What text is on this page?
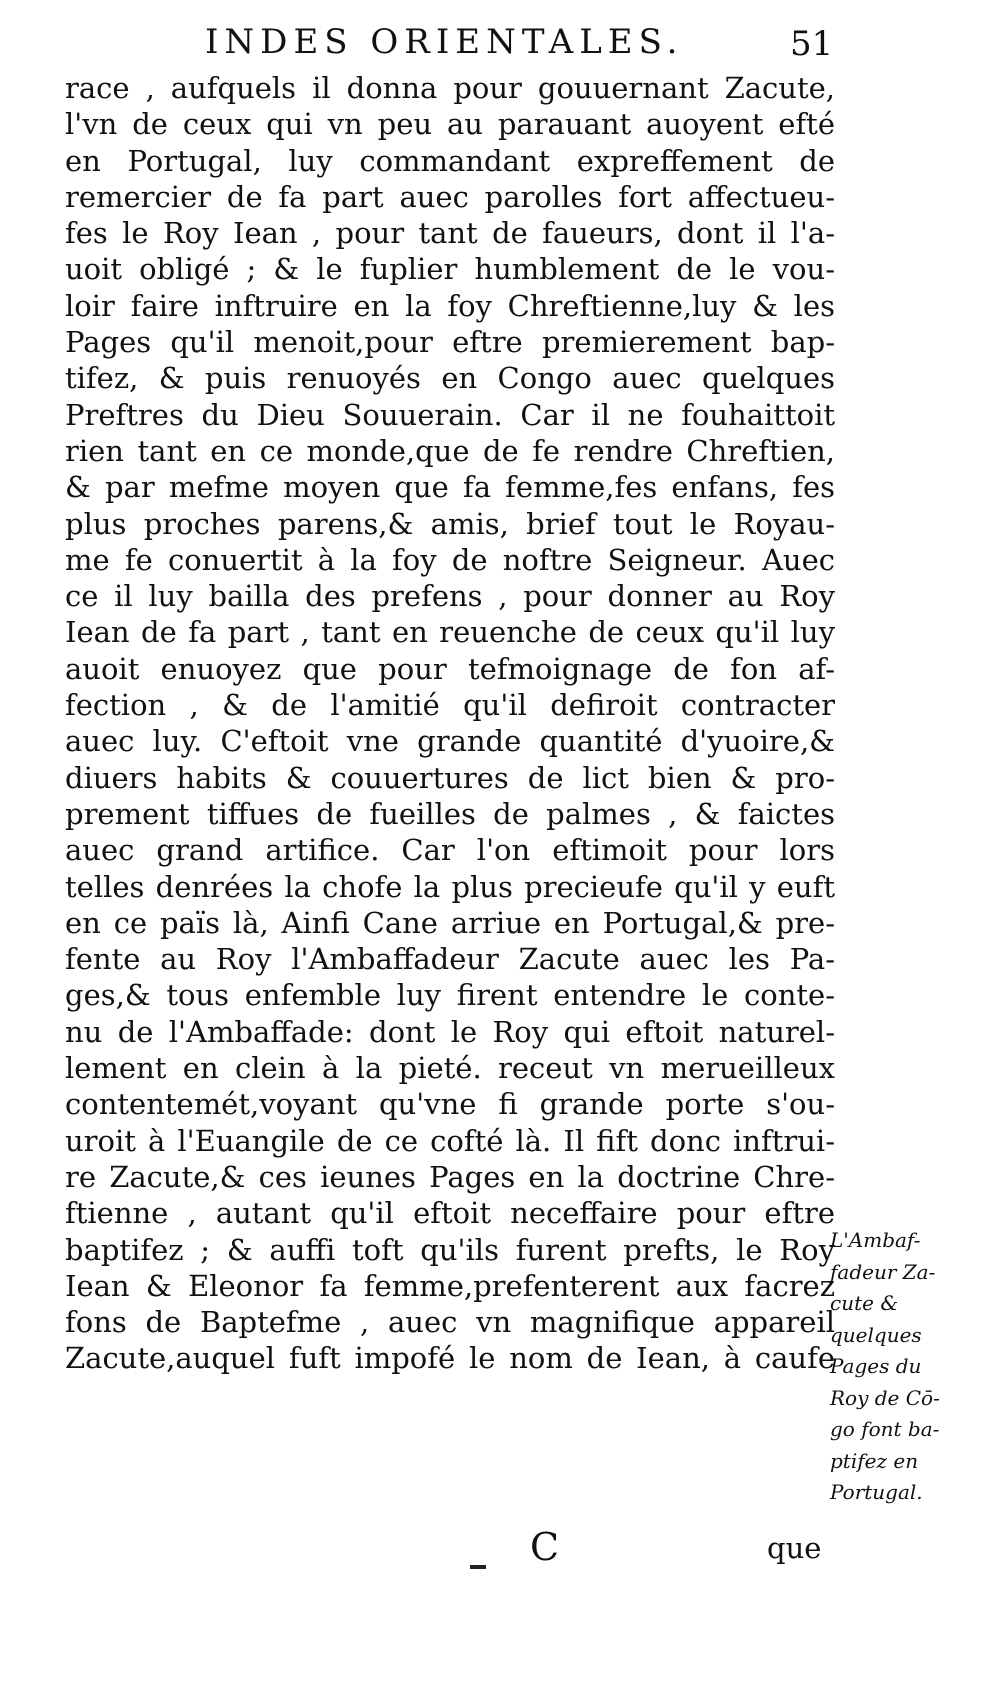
INDES ORIENTALES.	51
race , aufquels il donna pour gouuernant Zacute,
l'vn de ceux qui vn peu au parauant auoyent efté
en Portugal, luy commandant expreffement de
remercier de fa part auec parolles fort affectueu-
fes le Roy Iean , pour tant de faueurs, dont il l'a-
uoit obligé ; & le fuplier humblement de le vou-
loir faire inftruire en la foy Chreftienne,luy & les
Pages qu'il menoit,pour eftre premierement bap-
tifez, & puis renuoyés en Congo auec quelques
Preftres du Dieu Souuerain. Car il ne fouhaittoit
rien tant en ce monde,que de fe rendre Chreftien,
& par mefme moyen que fa femme,fes enfans, fes
plus proches parens,& amis, brief tout le Royau-
me fe conuertit à la foy de noftre Seigneur. Auec
ce il luy bailla des prefens , pour donner au Roy
Iean de fa part , tant en reuenche de ceux qu'il luy
auoit enuoyez que pour tefmoignage de fon af-
fection , & de l'amitié qu'il defiroit contracter
auec luy. C'eftoit vne grande quantité d'yuoire,&
diuers habits & couuertures de lict bien & pro-
prement tiffues de fueilles de palmes , & faictes
auec grand artifice. Car l'on eftimoit pour lors
telles denrées la chofe la plus precieufe qu'il y euft
en ce païs là, Ainfi Cane arriue en Portugal,& pre-
fente au Roy l'Ambaffadeur Zacute auec les Pa-
ges,& tous enfemble luy firent entendre le conte-
nu de l'Ambaffade: dont le Roy qui eftoit naturel-
lement en clein à la pieté. receut vn merueilleux
contentemét,voyant qu'vne fi grande porte s'ou-
uroit à l'Euangile de ce cofté là. Il fift donc inftrui-
re Zacute,& ces ieunes Pages en la doctrine Chre-
ftienne , autant qu'il eftoit neceffaire pour eftre
baptifez ; & auffi toft qu'ils furent prefts, le Roy
Iean & Eleonor fa femme,prefenterent aux facrez
fons de Baptefme , auec vn magnifique appareil
Zacute,auquel fuft impofé le nom de Iean, à caufe
L'Ambaf-
fadeur Za-
cute &
quelques
Pages du
Roy de Cō-
go font ba-
ptifez en
Portugal.
C	que
